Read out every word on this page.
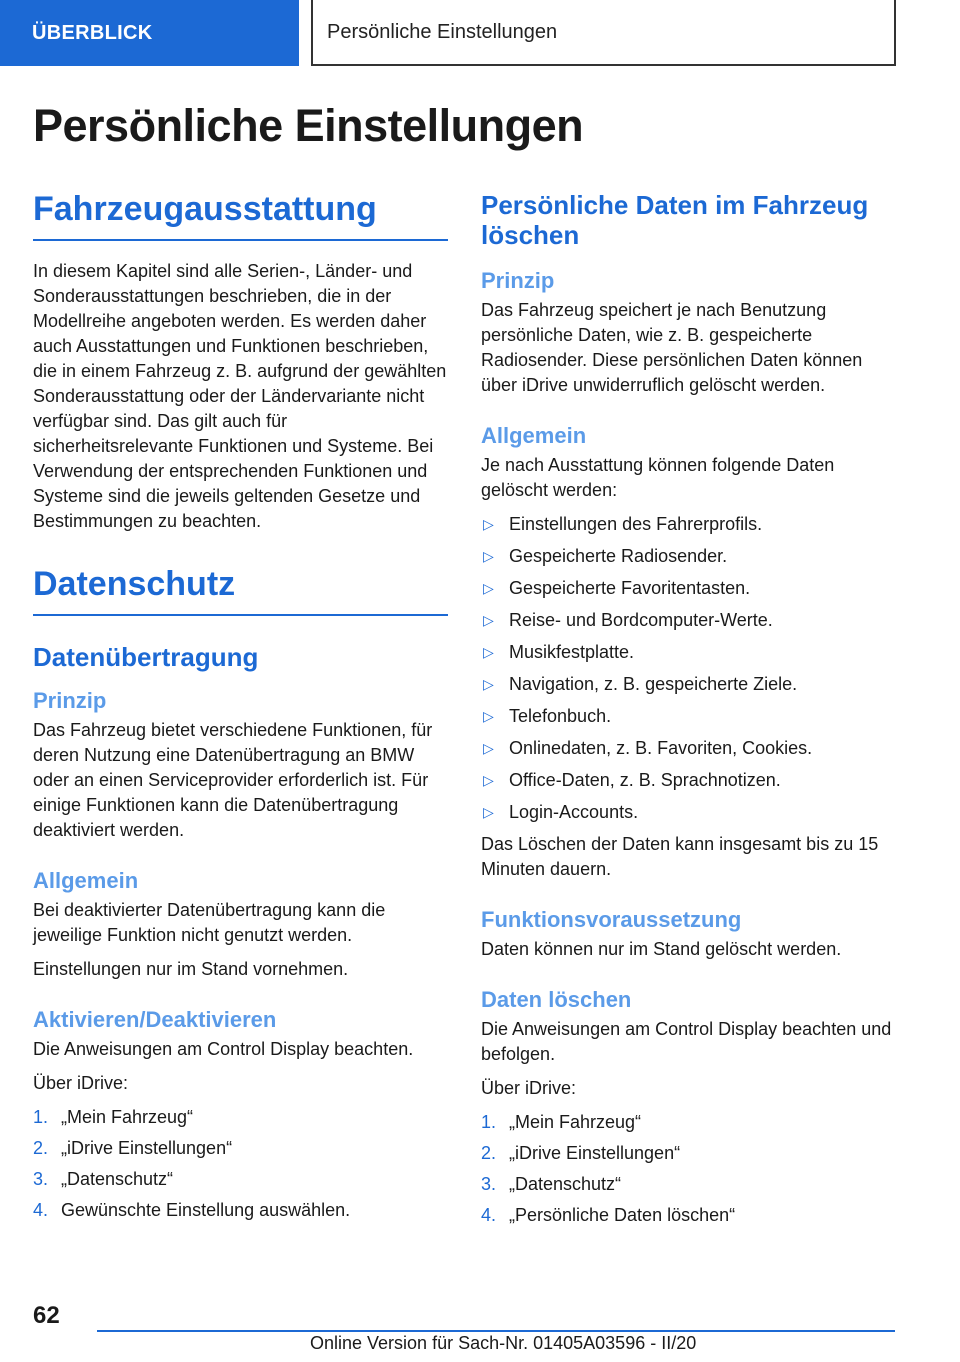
ÜBERBLICK	Persönliche Einstellungen
Persönliche Einstellungen
Fahrzeugausstattung

In diesem Kapitel sind alle Serien-, Länder- und Sonderausstattungen beschrieben, die in der Modellreihe angeboten werden. Es werden daher auch Ausstattungen und Funktionen beschrieben, die in einem Fahrzeug z. B. aufgrund der gewählten Sonderausstattung oder der Ländervariante nicht verfügbar sind. Das gilt auch für sicherheitsrelevante Funktionen und Systeme. Bei Verwendung der entsprechenden Funktionen und Systeme sind die jeweils geltenden Gesetze und Bestimmungen zu beachten.

Datenschutz
Datenübertragung
Prinzip

Das Fahrzeug bietet verschiedene Funktionen, für deren Nutzung eine Datenübertragung an BMW oder an einen Serviceprovider erforderlich ist. Für einige Funktionen kann die Datenübertragung deaktiviert werden.

Allgemein

Bei deaktivierter Datenübertragung kann die jeweilige Funktion nicht genutzt werden.

Einstellungen nur im Stand vornehmen.

Aktivieren/Deaktivieren

Die Anweisungen am Control Display beachten.

Über iDrive:

1. „Mein Fahrzeug“
2. „iDrive Einstellungen“
3. „Datenschutz“
4. Gewünschte Einstellung auswählen.
Persönliche Daten im Fahrzeug löschen
Prinzip

Das Fahrzeug speichert je nach Benutzung persönliche Daten, wie z. B. gespeicherte Radiosender. Diese persönlichen Daten können über iDrive unwiderruflich gelöscht werden.

Allgemein

Je nach Ausstattung können folgende Daten gelöscht werden:

▷ Einstellungen des Fahrerprofils.
▷ Gespeicherte Radiosender.
▷ Gespeicherte Favoritentasten.
▷ Reise- und Bordcomputer-Werte.
▷ Musikfestplatte.
▷ Navigation, z. B. gespeicherte Ziele.
▷ Telefonbuch.
▷ Onlinedaten, z. B. Favoriten, Cookies.
▷ Office-Daten, z. B. Sprachnotizen.
▷ Login-Accounts.

Das Löschen der Daten kann insgesamt bis zu 15 Minuten dauern.

Funktionsvoraussetzung

Daten können nur im Stand gelöscht werden.

Daten löschen

Die Anweisungen am Control Display beachten und befolgen.

Über iDrive:

1. „Mein Fahrzeug“
2. „iDrive Einstellungen“
3. „Datenschutz“
4. „Persönliche Daten löschen“
62
Online Version für Sach-Nr. 01405A03596 - II/20
